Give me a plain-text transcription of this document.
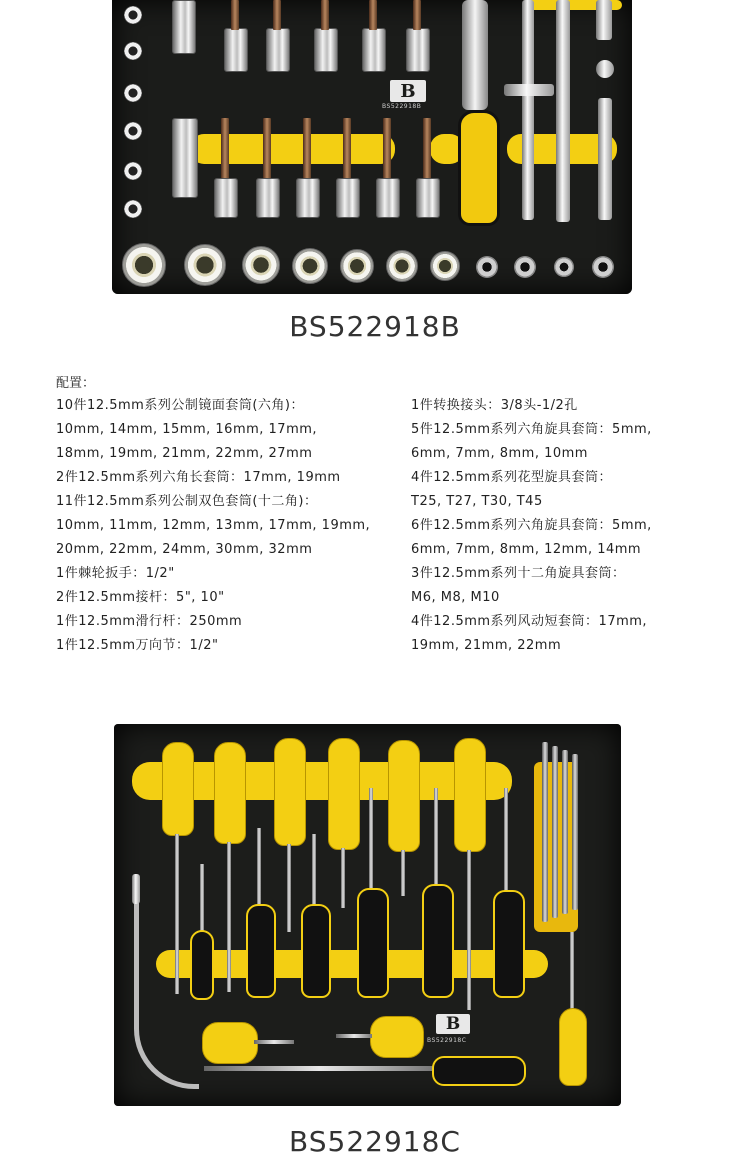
B
BS522918B
BS522918B
配置：
10件12.5mm系列公制镜面套筒(六角)：
10mm, 14mm, 15mm, 16mm, 17mm,
18mm, 19mm, 21mm, 22mm, 27mm
2件12.5mm系列六角长套筒：17mm, 19mm
11件12.5mm系列公制双色套筒(十二角)：
10mm, 11mm, 12mm, 13mm, 17mm, 19mm,
20mm, 22mm, 24mm, 30mm, 32mm
1件棘轮扳手：1/2"
2件12.5mm接杆：5", 10"
1件12.5mm滑行杆：250mm
1件12.5mm万向节：1/2"
1件转换接头：3/8头-1/2孔
5件12.5mm系列六角旋具套筒：5mm,
6mm, 7mm, 8mm, 10mm
4件12.5mm系列花型旋具套筒：
T25, T27, T30, T45
6件12.5mm系列六角旋具套筒：5mm,
6mm, 7mm, 8mm, 12mm, 14mm
3件12.5mm系列十二角旋具套筒：
M6, M8, M10
4件12.5mm系列风动短套筒：17mm,
19mm, 21mm, 22mm
B
BS522918C
BS522918C
